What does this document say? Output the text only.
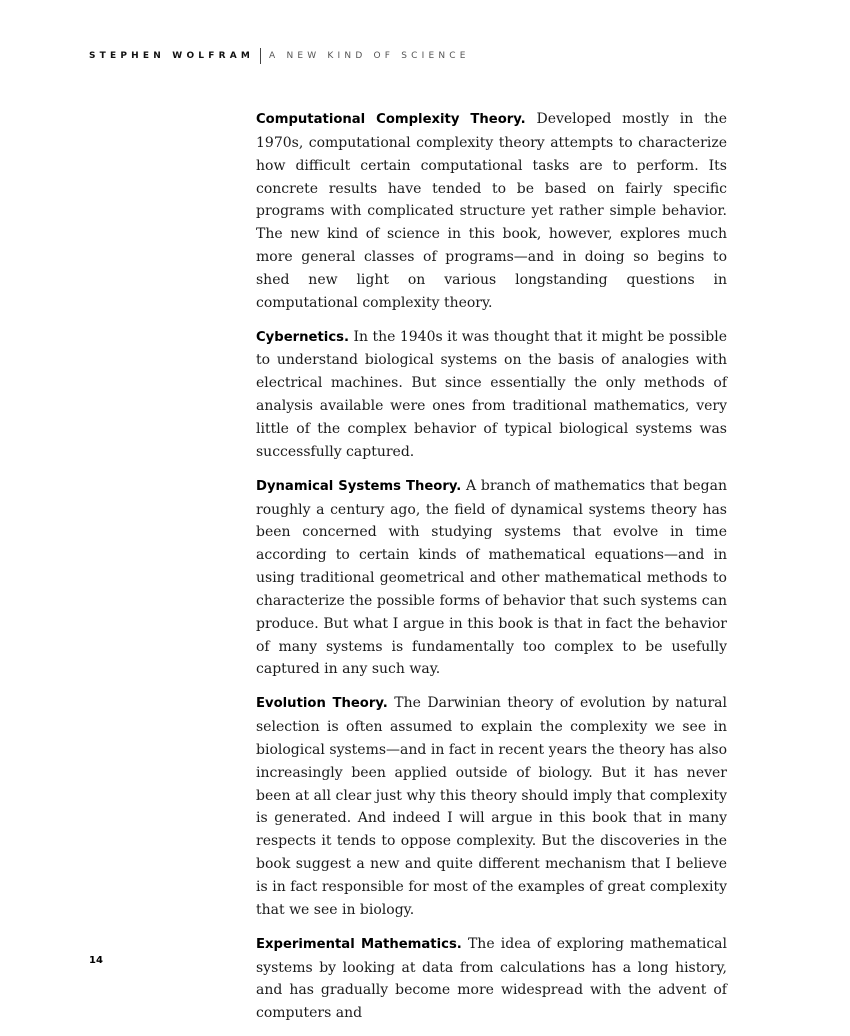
STEPHEN WOLFRAM A NEW KIND OF SCIENCE

Computational Complexity Theory. Developed mostly in the 1970s, computational complexity theory attempts to characterize how difficult certain computational tasks are to perform. Its concrete results have tended to be based on fairly specific programs with complicated structure yet rather simple behavior. The new kind of science in this book, however, explores much more general classes of programs—and in doing so begins to shed new light on various longstanding questions in computational complexity theory.

Cybernetics. In the 1940s it was thought that it might be possible to understand biological systems on the basis of analogies with electrical machines. But since essentially the only methods of analysis available were ones from traditional mathematics, very little of the complex behavior of typical biological systems was successfully captured.

Dynamical Systems Theory. A branch of mathematics that began roughly a century ago, the field of dynamical systems theory has been concerned with studying systems that evolve in time according to certain kinds of mathematical equations—and in using traditional geometrical and other mathematical methods to characterize the possible forms of behavior that such systems can produce. But what I argue in this book is that in fact the behavior of many systems is fundamentally too complex to be usefully captured in any such way.

Evolution Theory. The Darwinian theory of evolution by natural selection is often assumed to explain the complexity we see in biological systems—and in fact in recent years the theory has also increasingly been applied outside of biology. But it has never been at all clear just why this theory should imply that complexity is generated. And indeed I will argue in this book that in many respects it tends to oppose complexity. But the discoveries in the book suggest a new and quite different mechanism that I believe is in fact responsible for most of the examples of great complexity that we see in biology.

Experimental Mathematics. The idea of exploring mathematical systems by looking at data from calculations has a long history, and has gradually become more widespread with the advent of computers and

14
